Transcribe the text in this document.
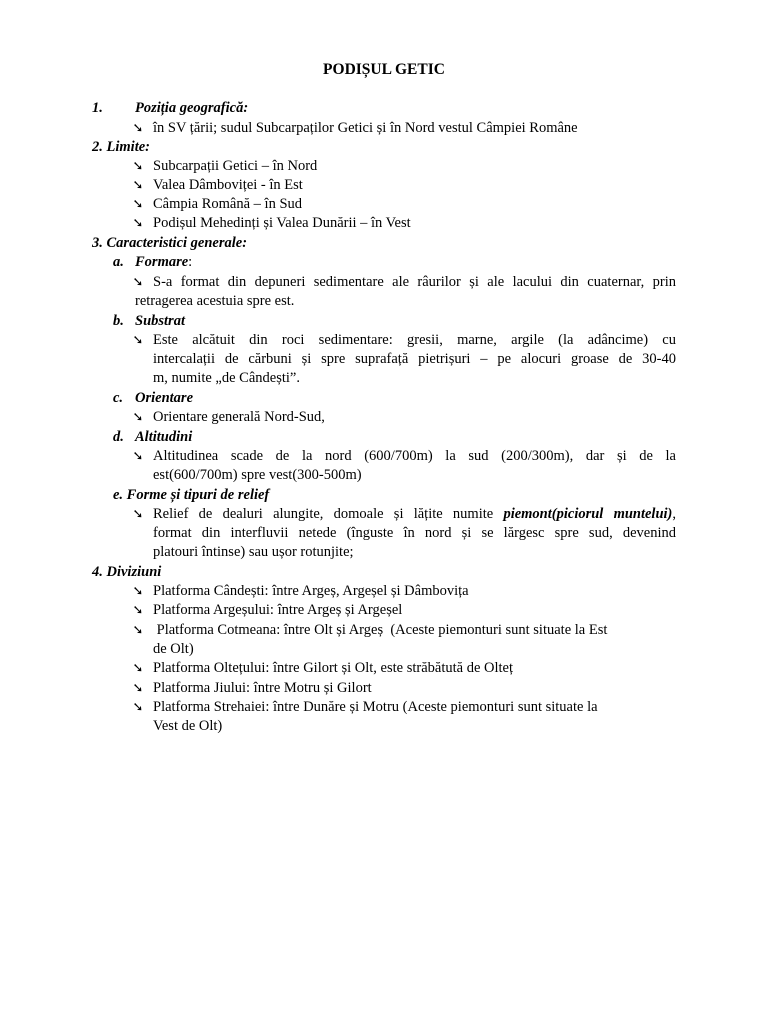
PODIȘUL GETIC
1. Poziția geografică:
➘ în SV țării; sudul Subcarpaților Getici și în Nord vestul Câmpiei Române
2. Limite:
➘ Subcarpații Getici – în Nord
➘ Valea Dâmboviței - în Est
➘ Câmpia Română – în Sud
➘ Podișul Mehedinți și Valea Dunării – în Vest
3. Caracteristici generale:
a. Formare:
➘ S-a format din depuneri sedimentare ale râurilor și ale lacului din cuaternar, prin
retragerea acestuia spre est.
b. Substrat
➘ Este alcătuit din roci sedimentare: gresii, marne, argile (la adâncime) cu
intercalații de cărbuni și spre suprafață pietrișuri – pe alocuri groase de 30-40
m, numite „de Cândești”.
c. Orientare
➘ Orientare generală Nord-Sud,
d. Altitudini
➘ Altitudinea scade de la nord (600/700m) la sud (200/300m), dar și de la
est(600/700m) spre vest(300-500m)
e. Forme și tipuri de relief
➘ Relief de dealuri alungite, domoale și lățite numite piemont(piciorul muntelui),
format din interfluvii netede (înguste în nord și se lărgesc spre sud, devenind
platouri întinse) sau ușor rotunjite;
4. Diviziuni
➘ Platforma Cândești: între Argeș, Argeșel și Dâmbovița
➘ Platforma Argeșului: între Argeș și Argeșel
➘ Platforma Cotmeana: între Olt și Argeș  (Aceste piemonturi sunt situate la Est
de Olt)
➘ Platforma Oltețului: între Gilort și Olt, este străbătută de Olteț
➘ Platforma Jiului: între Motru și Gilort
➘ Platforma Strehaiei: între Dunăre și Motru (Aceste piemonturi sunt situate la
Vest de Olt)
